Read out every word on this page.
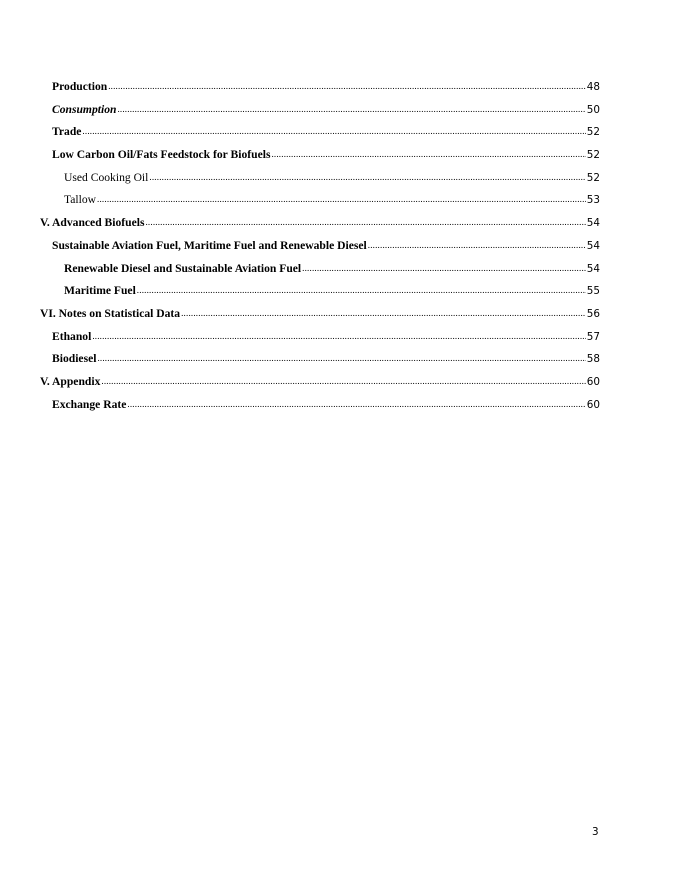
Production .....	48
Consumption .....	50
Trade .....	52
Low Carbon Oil/Fats Feedstock for Biofuels .....	52
Used Cooking Oil .....	52
Tallow .....	53
V. Advanced Biofuels .....	54
Sustainable Aviation Fuel, Maritime Fuel and Renewable Diesel .....	54
Renewable Diesel and Sustainable Aviation Fuel .....	54
Maritime Fuel .....	55
VI. Notes on Statistical Data .....	56
Ethanol .....	57
Biodiesel .....	58
V. Appendix .....	60
Exchange Rate .....	60
3
